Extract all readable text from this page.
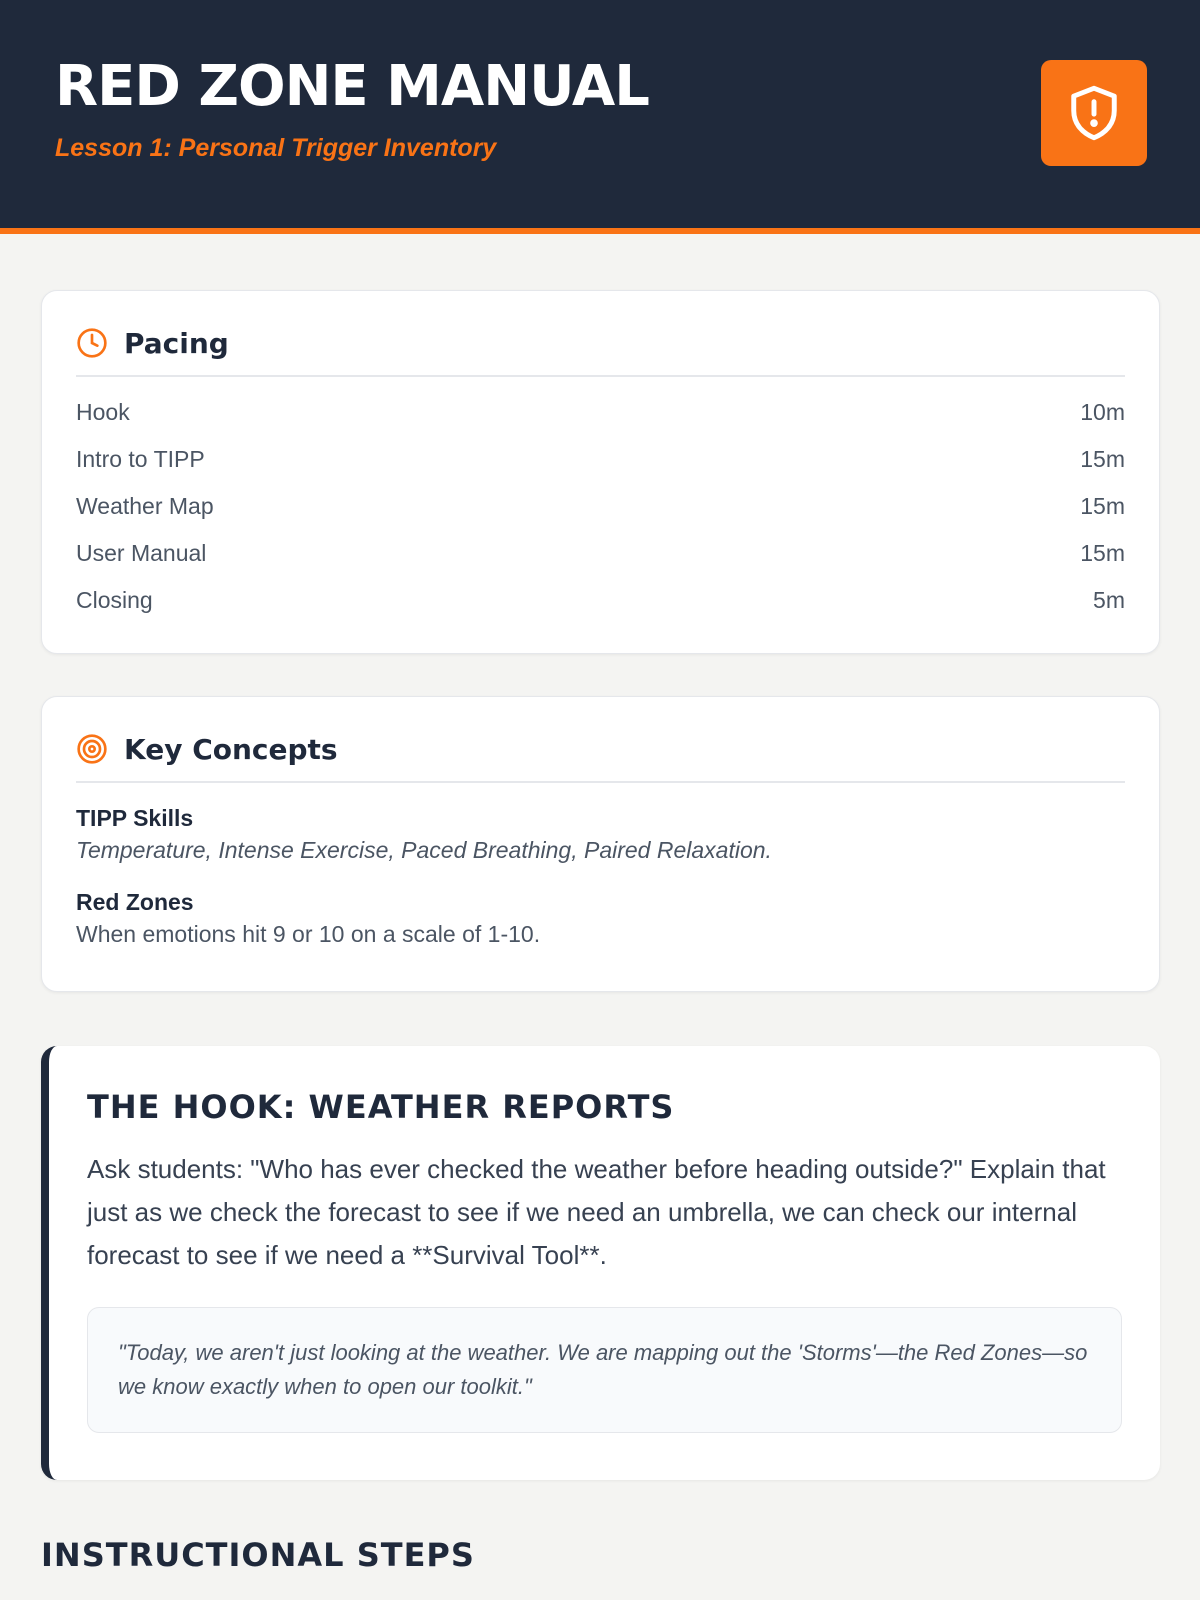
RED ZONE MANUAL
Lesson 1: Personal Trigger Inventory
Pacing
Hook	10m
Intro to TIPP	15m
Weather Map	15m
User Manual	15m
Closing	5m
Key Concepts
TIPP Skills
Temperature, Intense Exercise, Paced Breathing, Paired Relaxation.
Red Zones
When emotions hit 9 or 10 on a scale of 1-10.
THE HOOK: WEATHER REPORTS

Ask students: "Who has ever checked the weather before heading outside?" Explain that just as we check the forecast to see if we need an umbrella, we can check our internal forecast to see if we need a **Survival Tool**.

"Today, we aren't just looking at the weather. We are mapping out the 'Storms'—the Red Zones—so we know exactly when to open our toolkit."
INSTRUCTIONAL STEPS
